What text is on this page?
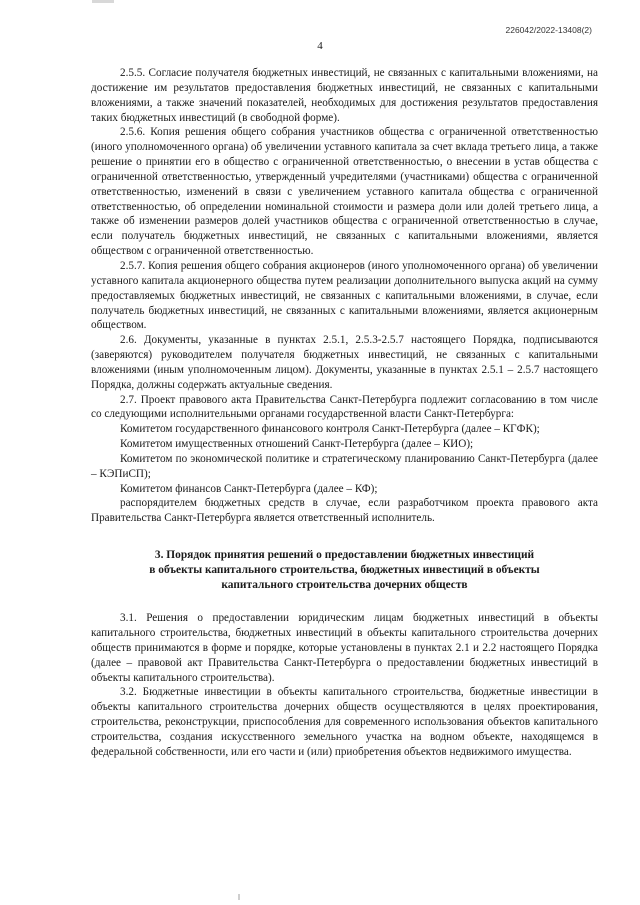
226042/2022-13408(2)
4

2.5.5. Согласие получателя бюджетных инвестиций, не связанных с капитальными вложениями, на достижение им результатов предоставления бюджетных инвестиций, не связанных с капитальными вложениями, а также значений показателей, необходимых для достижения результатов предоставления таких бюджетных инвестиций (в свободной форме).

2.5.6. Копия решения общего собрания участников общества с ограниченной ответственностью (иного уполномоченного органа) об увеличении уставного капитала за счет вклада третьего лица, а также решение о принятии его в общество с ограниченной ответственностью, о внесении в устав общества с ограниченной ответственностью, утвержденный учредителями (участниками) общества с ограниченной ответственностью, изменений в связи с увеличением уставного капитала общества с ограниченной ответственностью, об определении номинальной стоимости и размера доли или долей третьего лица, а также об изменении размеров долей участников общества с ограниченной ответственностью в случае, если получатель бюджетных инвестиций, не связанных с капитальными вложениями, является обществом с ограниченной ответственностью.

2.5.7. Копия решения общего собрания акционеров (иного уполномоченного органа) об увеличении уставного капитала акционерного общества путем реализации дополнительного выпуска акций на сумму предоставляемых бюджетных инвестиций, не связанных с капитальными вложениями, в случае, если получатель бюджетных инвестиций, не связанных с капитальными вложениями, является акционерным обществом.

2.6. Документы, указанные в пунктах 2.5.1, 2.5.3-2.5.7 настоящего Порядка, подписываются (заверяются) руководителем получателя бюджетных инвестиций, не связанных с капитальными вложениями (иным уполномоченным лицом). Документы, указанные в пунктах 2.5.1 – 2.5.7 настоящего Порядка, должны содержать актуальные сведения.

2.7. Проект правового акта Правительства Санкт-Петербурга подлежит согласованию в том числе со следующими исполнительными органами государственной власти Санкт-Петербурга:

Комитетом государственного финансового контроля Санкт-Петербурга (далее – КГФК);

Комитетом имущественных отношений Санкт-Петербурга (далее – КИО);

Комитетом по экономической политике и стратегическому планированию Санкт-Петербурга (далее – КЭПиСП);

Комитетом финансов Санкт-Петербурга (далее – КФ);

распорядителем бюджетных средств в случае, если разработчиком проекта правового акта Правительства Санкт-Петербурга является ответственный исполнитель.

3. Порядок принятия решений о предоставлении бюджетных инвестиций
в объекты капитального строительства, бюджетных инвестиций в объекты
капитального строительства дочерних обществ

3.1. Решения о предоставлении юридическим лицам бюджетных инвестиций в объекты капитального строительства, бюджетных инвестиций в объекты капитального строительства дочерних обществ принимаются в форме и порядке, которые установлены в пунктах 2.1 и 2.2 настоящего Порядка (далее – правовой акт Правительства Санкт-Петербурга о предоставлении бюджетных инвестиций в объекты капитального строительства).

3.2. Бюджетные инвестиции в объекты капитального строительства, бюджетные инвестиции в объекты капитального строительства дочерних обществ осуществляются в целях проектирования, строительства, реконструкции, приспособления для современного использования объектов капитального строительства, создания искусственного земельного участка на водном объекте, находящемся в федеральной собственности, или его части и (или) приобретения объектов недвижимого имущества.
